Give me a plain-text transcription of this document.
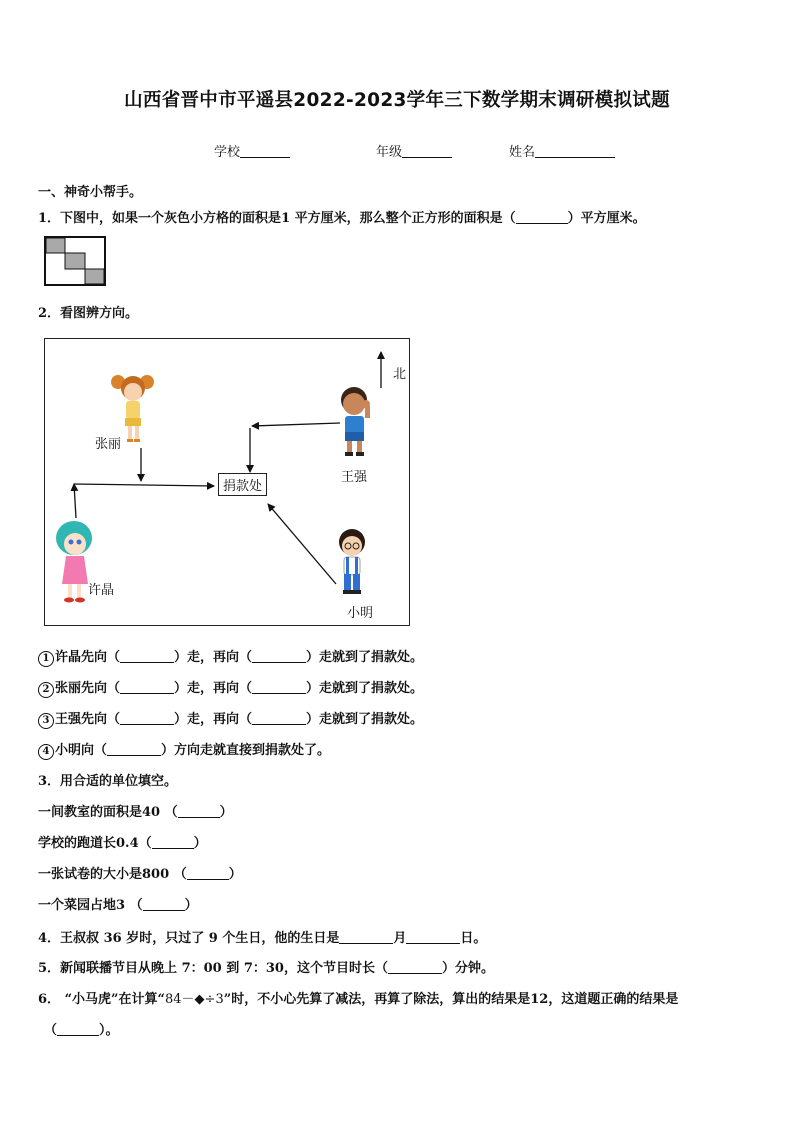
山西省晋中市平遥县2022-2023学年三下数学期末调研模拟试题
学校	年级	姓名
一、神奇小帮手。
1．下图中，如果一个灰色小方格的面积是1 平方厘米，那么整个正方形的面积是（	）平方厘米。
2．看图辨方向。
北
张丽
王强
许晶
小明
捐款处
1 许晶先向（	）走，再向（	）走就到了捐款处。
2 张丽先向（	）走，再向（	）走就到了捐款处。
3 王强先向（	）走，再向（	）走就到了捐款处。
4 小明向（	）方向走就直接到捐款处了。
3．用合适的单位填空。
一间教室的面积是40 （	）
学校的跑道长0.4（	）
一张试卷的大小是800 （	）
一个菜园占地3 （	）
4．王叔叔 36 岁时，只过了 9 个生日，他的生日是	月	日。
5．新闻联播节目从晚上 7：00 到 7：30，这个节目时长（	）分钟。
6． “小马虎”在计算“84－◆÷3”时，不小心先算了减法，再算了除法，算出的结果是12，这道题正确的结果是
（	）。
